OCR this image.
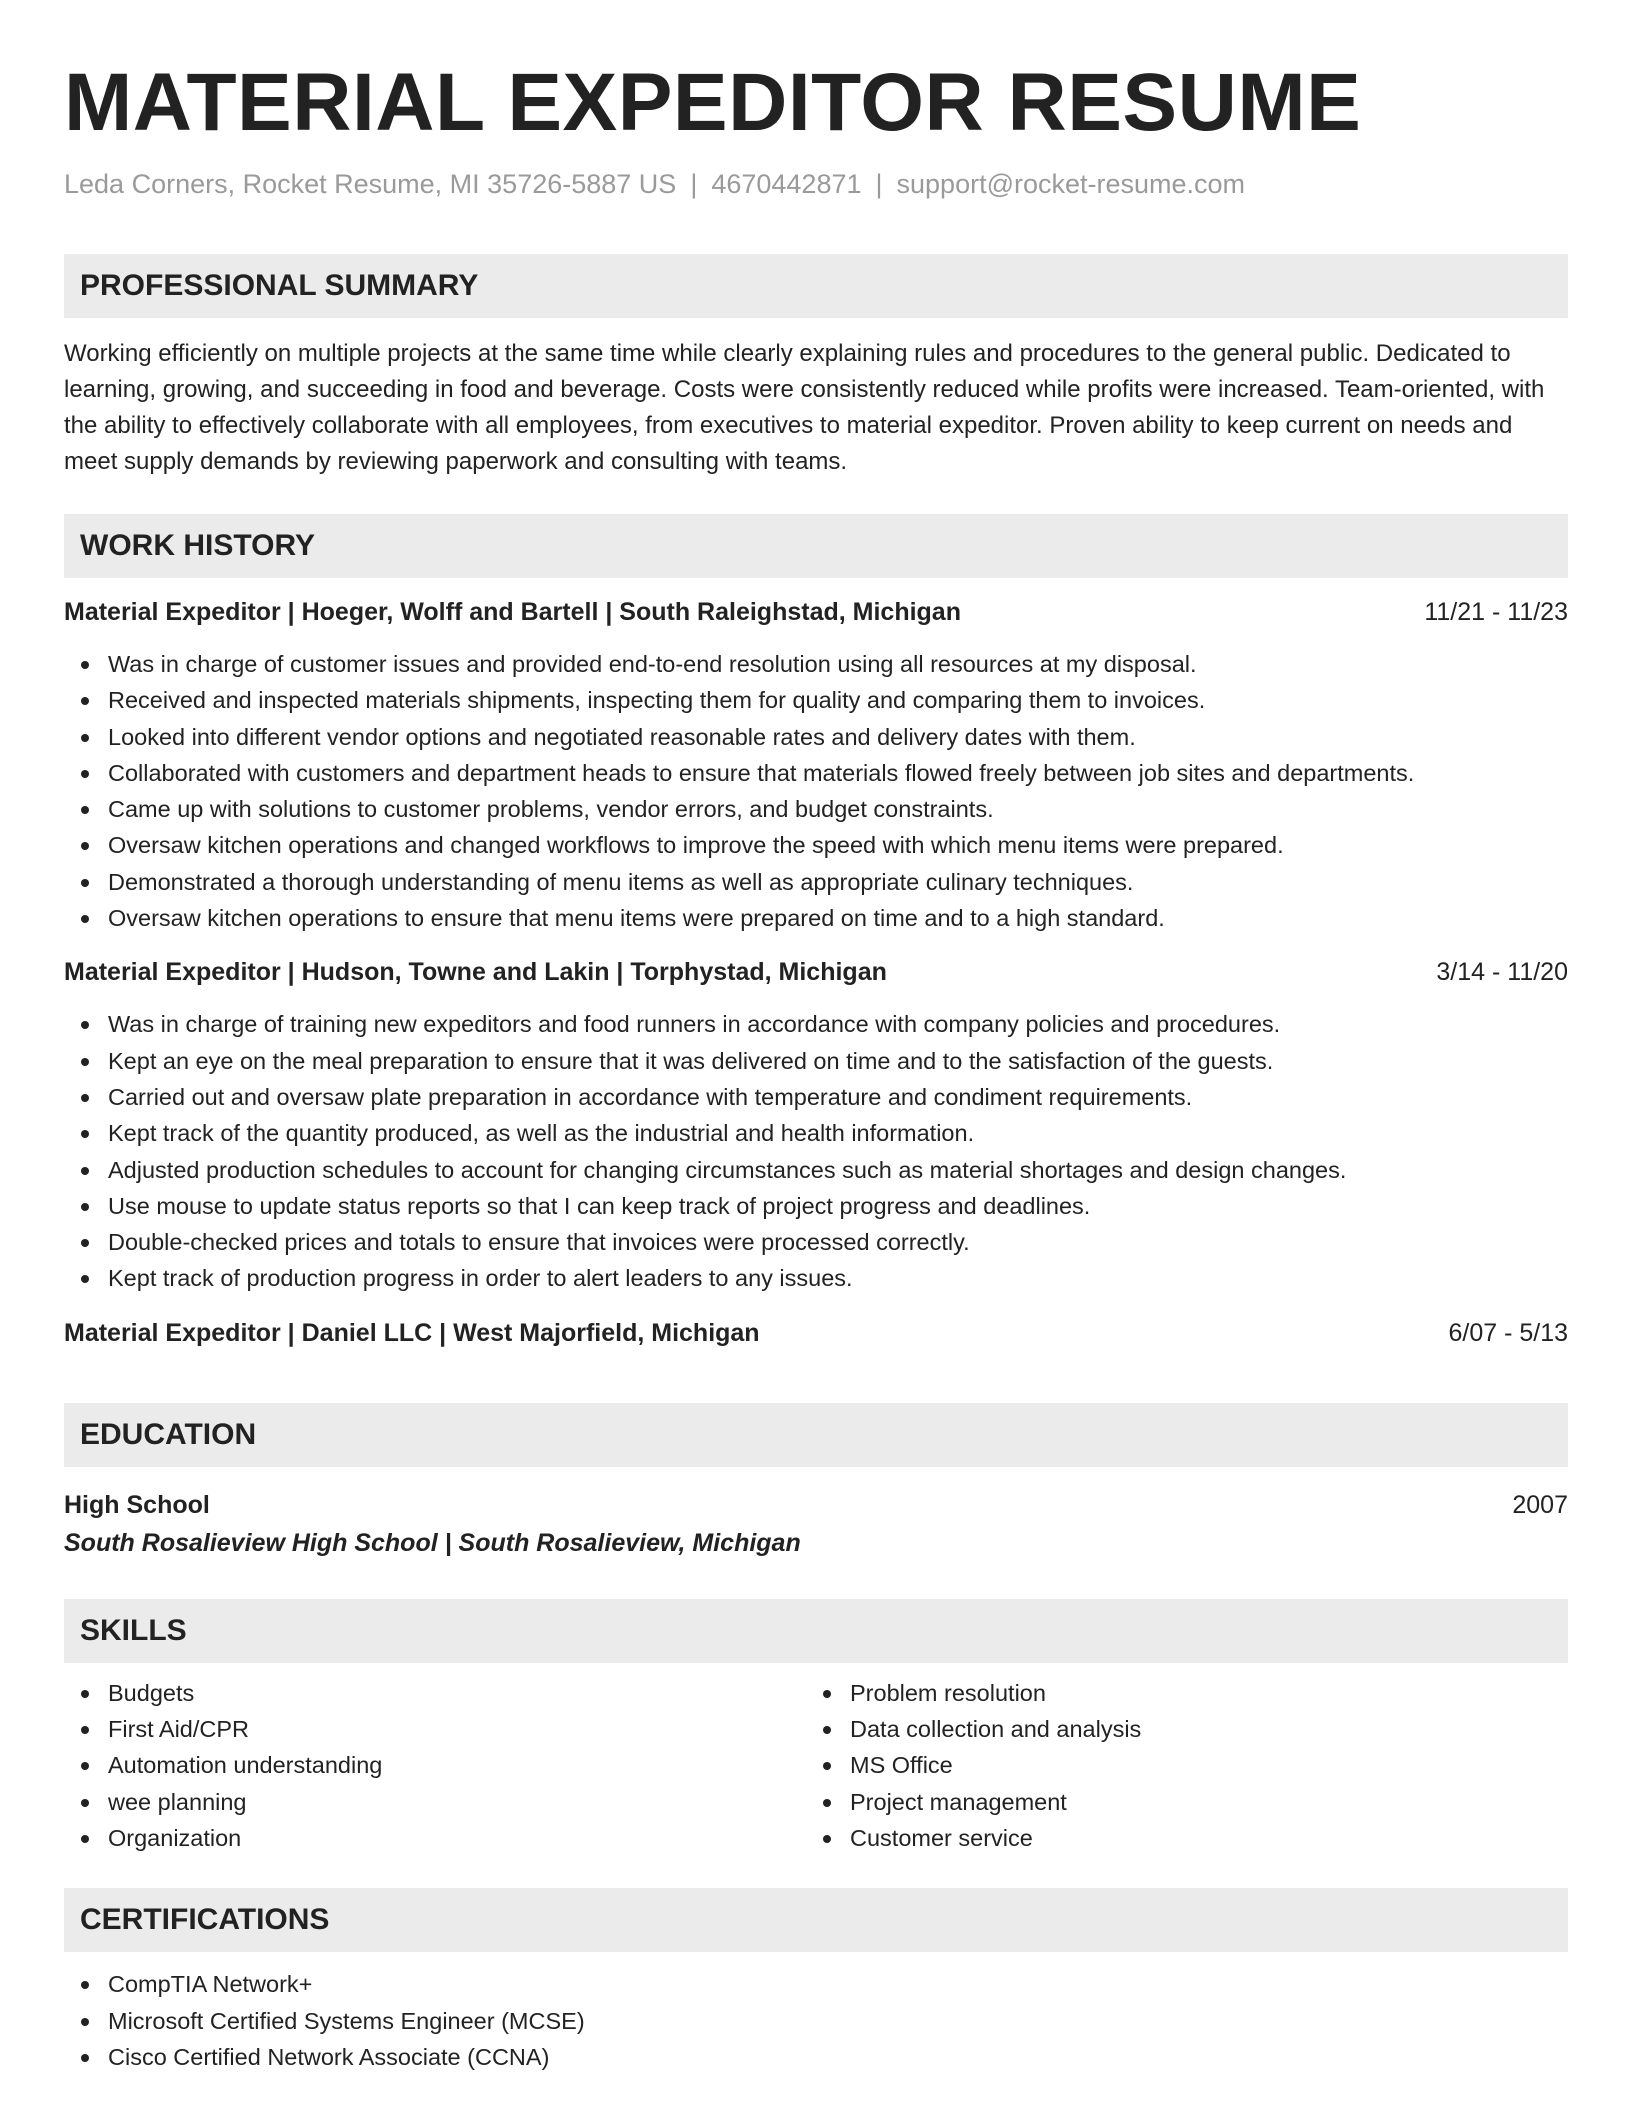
MATERIAL EXPEDITOR RESUME
Leda Corners, Rocket Resume, MI 35726-5887 US | 4670442871 | support@rocket-resume.com
PROFESSIONAL SUMMARY

Working efficiently on multiple projects at the same time while clearly explaining rules and procedures to the general public. Dedicated to learning, growing, and succeeding in food and beverage. Costs were consistently reduced while profits were increased. Team-oriented, with the ability to effectively collaborate with all employees, from executives to material expeditor. Proven ability to keep current on needs and meet supply demands by reviewing paperwork and consulting with teams.

WORK HISTORY
Material Expeditor | Hoeger, Wolff and Bartell | South Raleighstad, Michigan	11/21 - 11/23
Was in charge of customer issues and provided end-to-end resolution using all resources at my disposal.
Received and inspected materials shipments, inspecting them for quality and comparing them to invoices.
Looked into different vendor options and negotiated reasonable rates and delivery dates with them.
Collaborated with customers and department heads to ensure that materials flowed freely between job sites and departments.
Came up with solutions to customer problems, vendor errors, and budget constraints.
Oversaw kitchen operations and changed workflows to improve the speed with which menu items were prepared.
Demonstrated a thorough understanding of menu items as well as appropriate culinary techniques.
Oversaw kitchen operations to ensure that menu items were prepared on time and to a high standard.
Material Expeditor | Hudson, Towne and Lakin | Torphystad, Michigan	3/14 - 11/20
Was in charge of training new expeditors and food runners in accordance with company policies and procedures.
Kept an eye on the meal preparation to ensure that it was delivered on time and to the satisfaction of the guests.
Carried out and oversaw plate preparation in accordance with temperature and condiment requirements.
Kept track of the quantity produced, as well as the industrial and health information.
Adjusted production schedules to account for changing circumstances such as material shortages and design changes.
Use mouse to update status reports so that I can keep track of project progress and deadlines.
Double-checked prices and totals to ensure that invoices were processed correctly.
Kept track of production progress in order to alert leaders to any issues.
Material Expeditor | Daniel LLC | West Majorfield, Michigan	6/07 - 5/13
EDUCATION
High School	2007
South Rosalieview High School | South Rosalieview, Michigan
SKILLS
Budgets
First Aid/CPR
Automation understanding
wee planning
Organization
Problem resolution
Data collection and analysis
MS Office
Project management
Customer service
CERTIFICATIONS
CompTIA Network+
Microsoft Certified Systems Engineer (MCSE)
Cisco Certified Network Associate (CCNA)
